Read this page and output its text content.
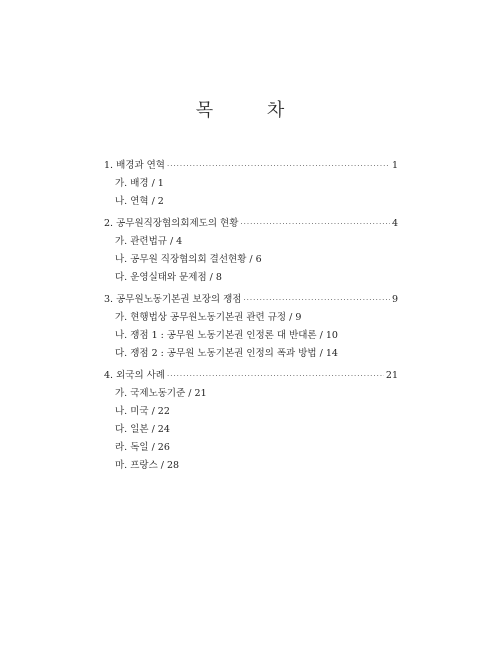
목 차
1. 배경과 연혁 ·····	1
가. 배경 / 1
나. 연혁 / 2
2. 공무원직장협의회제도의 현황 ·····	4
가. 관련법규 / 4
나. 공무원 직장협의회 결선현황 / 6
다. 운영실태와 문제점 / 8
3. 공무원노동기본권 보장의 쟁점 ·····	9
가. 현행법상 공무원노동기본권 관련 규정 / 9
나. 쟁점 1 : 공무원 노동기본권 인정론 대 반대론 / 10
다. 쟁점 2 : 공무원 노동기본권 인정의 폭과 방법 / 14
4. 외국의 사례 ·····	21
가. 국제노동기준 / 21
나. 미국 / 22
다. 일본 / 24
라. 독일 / 26
마. 프랑스 / 28
